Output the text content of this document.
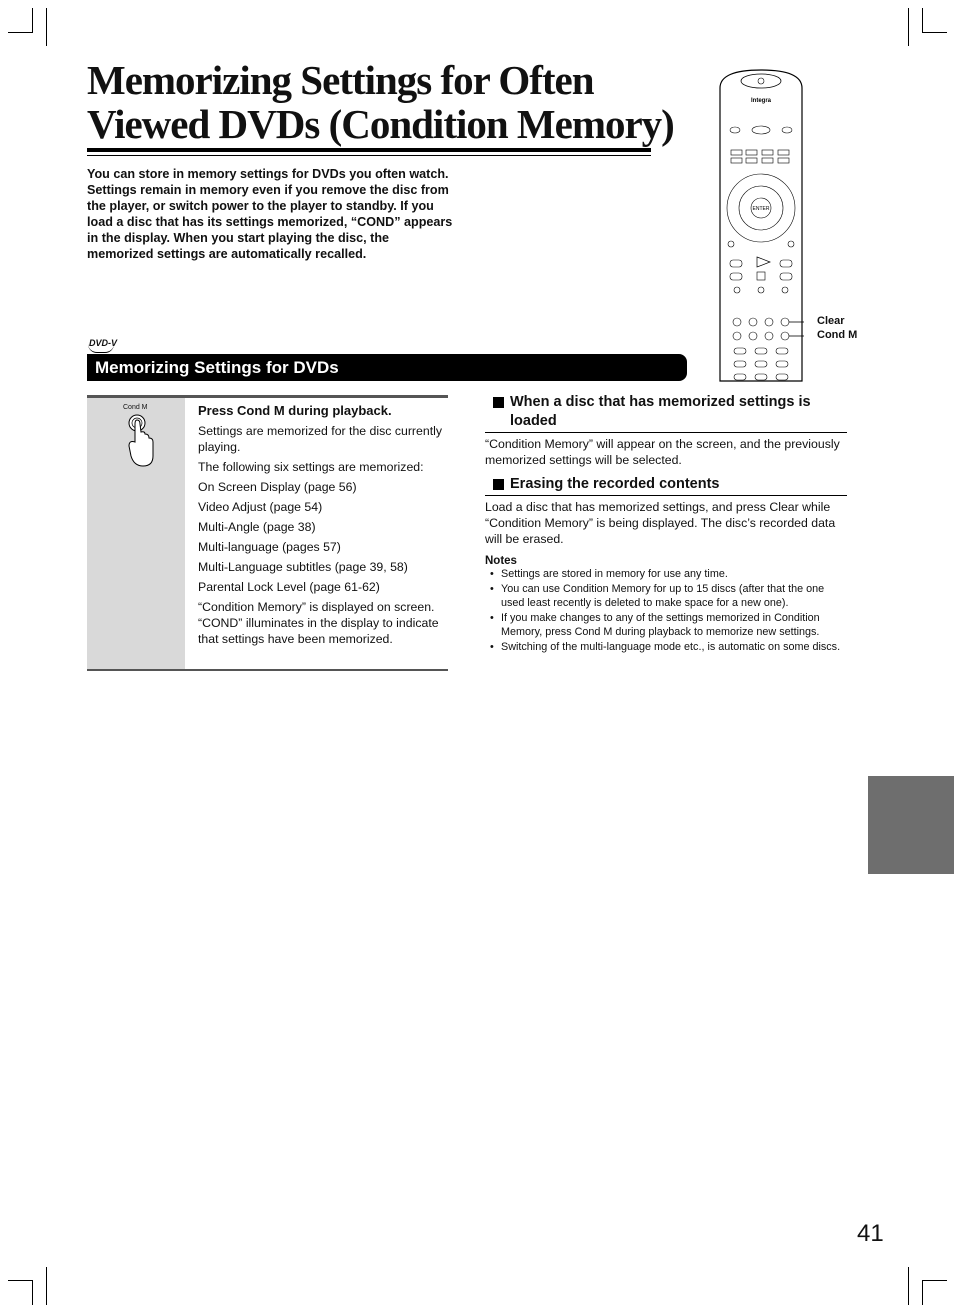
Memorizing Settings for Often Viewed DVDs (Condition Memory)
You can store in memory settings for DVDs you often watch. Settings remain in memory even if you remove the disc from the player, or switch power to the player to standby. If you load a disc that has its settings memorized, “COND” appears in the display. When you start playing the disc, the memorized settings are automatically recalled.
Integra
ENTER
Clear
Cond M
DVD-V
Memorizing Settings for DVDs
Cond M	Press Cond M during playback.

Settings are memorized for the disc currently playing.

The following six settings are memorized:

On Screen Display (page 56)

Video Adjust (page 54)

Multi-Angle (page 38)

Multi-language (pages 57)

Multi-Language subtitles (page 39, 58)

Parental Lock Level (page 61-62)

“Condition Memory” is displayed on screen. “COND” illuminates in the display to indicate that settings have been memorized.

When a disc that has memorized settings is loaded
“Condition Memory” will appear on the screen, and the previously memorized settings will be selected.
Erasing the recorded contents
Load a disc that has memorized settings, and press Clear while “Condition Memory” is being displayed. The disc’s recorded data will be erased.
Notes
• Settings are stored in memory for use any time.
• You can use Condition Memory for up to 15 discs (after that the one used least recently is deleted to make space for a new one).
• If you make changes to any of the settings memorized in Condition Memory, press Cond M during playback to memorize new settings.
• Switching of the multi-language mode etc., is automatic on some discs.
41
